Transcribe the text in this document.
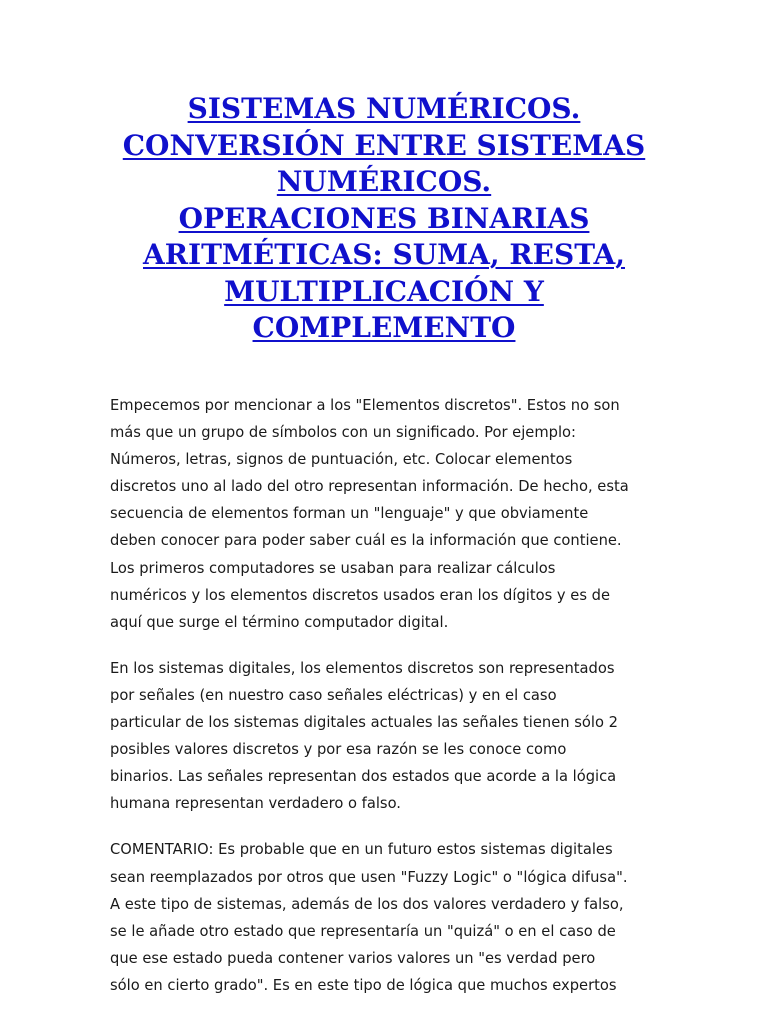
SISTEMAS NUMÉRICOS.
CONVERSIÓN ENTRE SISTEMAS
NUMÉRICOS.
OPERACIONES BINARIAS
ARITMÉTICAS: SUMA, RESTA,
MULTIPLICACIÓN Y
COMPLEMENTO

Empecemos por mencionar a los "Elementos discretos". Estos no son
más que un grupo de símbolos con un significado. Por ejemplo:
Números, letras, signos de puntuación, etc. Colocar elementos
discretos uno al lado del otro representan información. De hecho, esta
secuencia de elementos forman un "lenguaje" y que obviamente
deben conocer para poder saber cuál es la información que contiene.
Los primeros computadores se usaban para realizar cálculos
numéricos y los elementos discretos usados eran los dígitos y es de
aquí que surge el término computador digital.

En los sistemas digitales, los elementos discretos son representados
por señales (en nuestro caso señales eléctricas) y en el caso
particular de los sistemas digitales actuales las señales tienen sólo 2
posibles valores discretos y por esa razón se les conoce como
binarios. Las señales representan dos estados que acorde a la lógica
humana representan verdadero o falso.

COMENTARIO: Es probable que en un futuro estos sistemas digitales
sean reemplazados por otros que usen "Fuzzy Logic" o "lógica difusa".
A este tipo de sistemas, además de los dos valores verdadero y falso,
se le añade otro estado que representaría un "quizá" o en el caso de
que ese estado pueda contener varios valores un "es verdad pero
sólo en cierto grado". Es en este tipo de lógica que muchos expertos
